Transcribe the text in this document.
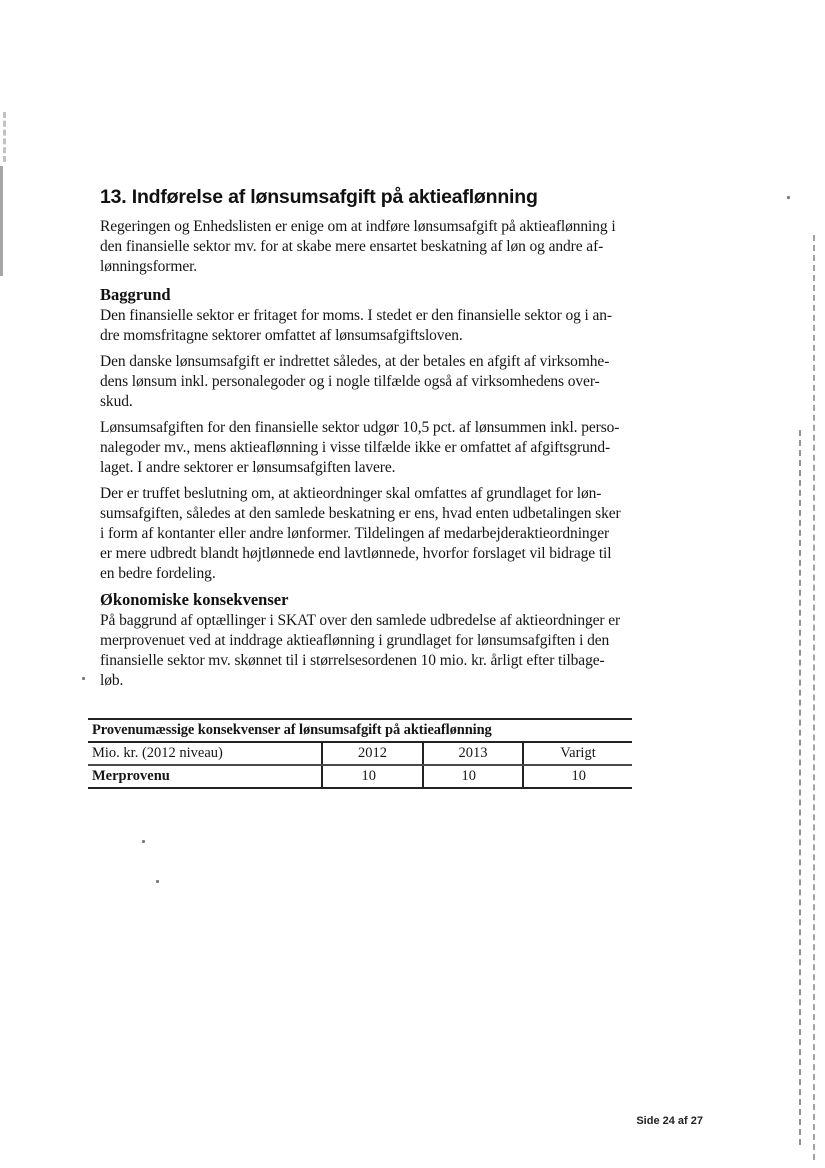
13. Indførelse af lønsumsafgift på aktieaflønning

Regeringen og Enhedslisten er enige om at indføre lønsumsafgift på aktieaflønning i
den finansielle sektor mv. for at skabe mere ensartet beskatning af løn og andre af-
lønningsformer.

Baggrund

Den finansielle sektor er fritaget for moms. I stedet er den finansielle sektor og i an-
dre momsfritagne sektorer omfattet af lønsumsafgiftsloven.

Den danske lønsumsafgift er indrettet således, at der betales en afgift af virksomhe-
dens lønsum inkl. personalegoder og i nogle tilfælde også af virksomhedens over-
skud.

Lønsumsafgiften for den finansielle sektor udgør 10,5 pct. af lønsummen inkl. perso-
nalegoder mv., mens aktieaflønning i visse tilfælde ikke er omfattet af afgiftsgrund-
laget. I andre sektorer er lønsumsafgiften lavere.

Der er truffet beslutning om, at aktieordninger skal omfattes af grundlaget for løn-
sumsafgiften, således at den samlede beskatning er ens, hvad enten udbetalingen sker
i form af kontanter eller andre lønformer. Tildelingen af medarbejderaktieordninger
er mere udbredt blandt højtlønnede end lavtlønnede, hvorfor forslaget vil bidrage til
en bedre fordeling.

Økonomiske konsekvenser

På baggrund af optællinger i SKAT over den samlede udbredelse af aktieordninger er
merprovenuet ved at inddrage aktieaflønning i grundlaget for lønsumsafgiften i den
finansielle sektor mv. skønnet til i størrelsesordenen 10 mio. kr. årligt efter tilbage-
løb.

Provenumæssige konsekvenser af lønsumsafgift på aktieaflønning			
Mio. kr. (2012 niveau)	2012	2013	Varigt
Merprovenu	10	10	10
Side 24 af 27
